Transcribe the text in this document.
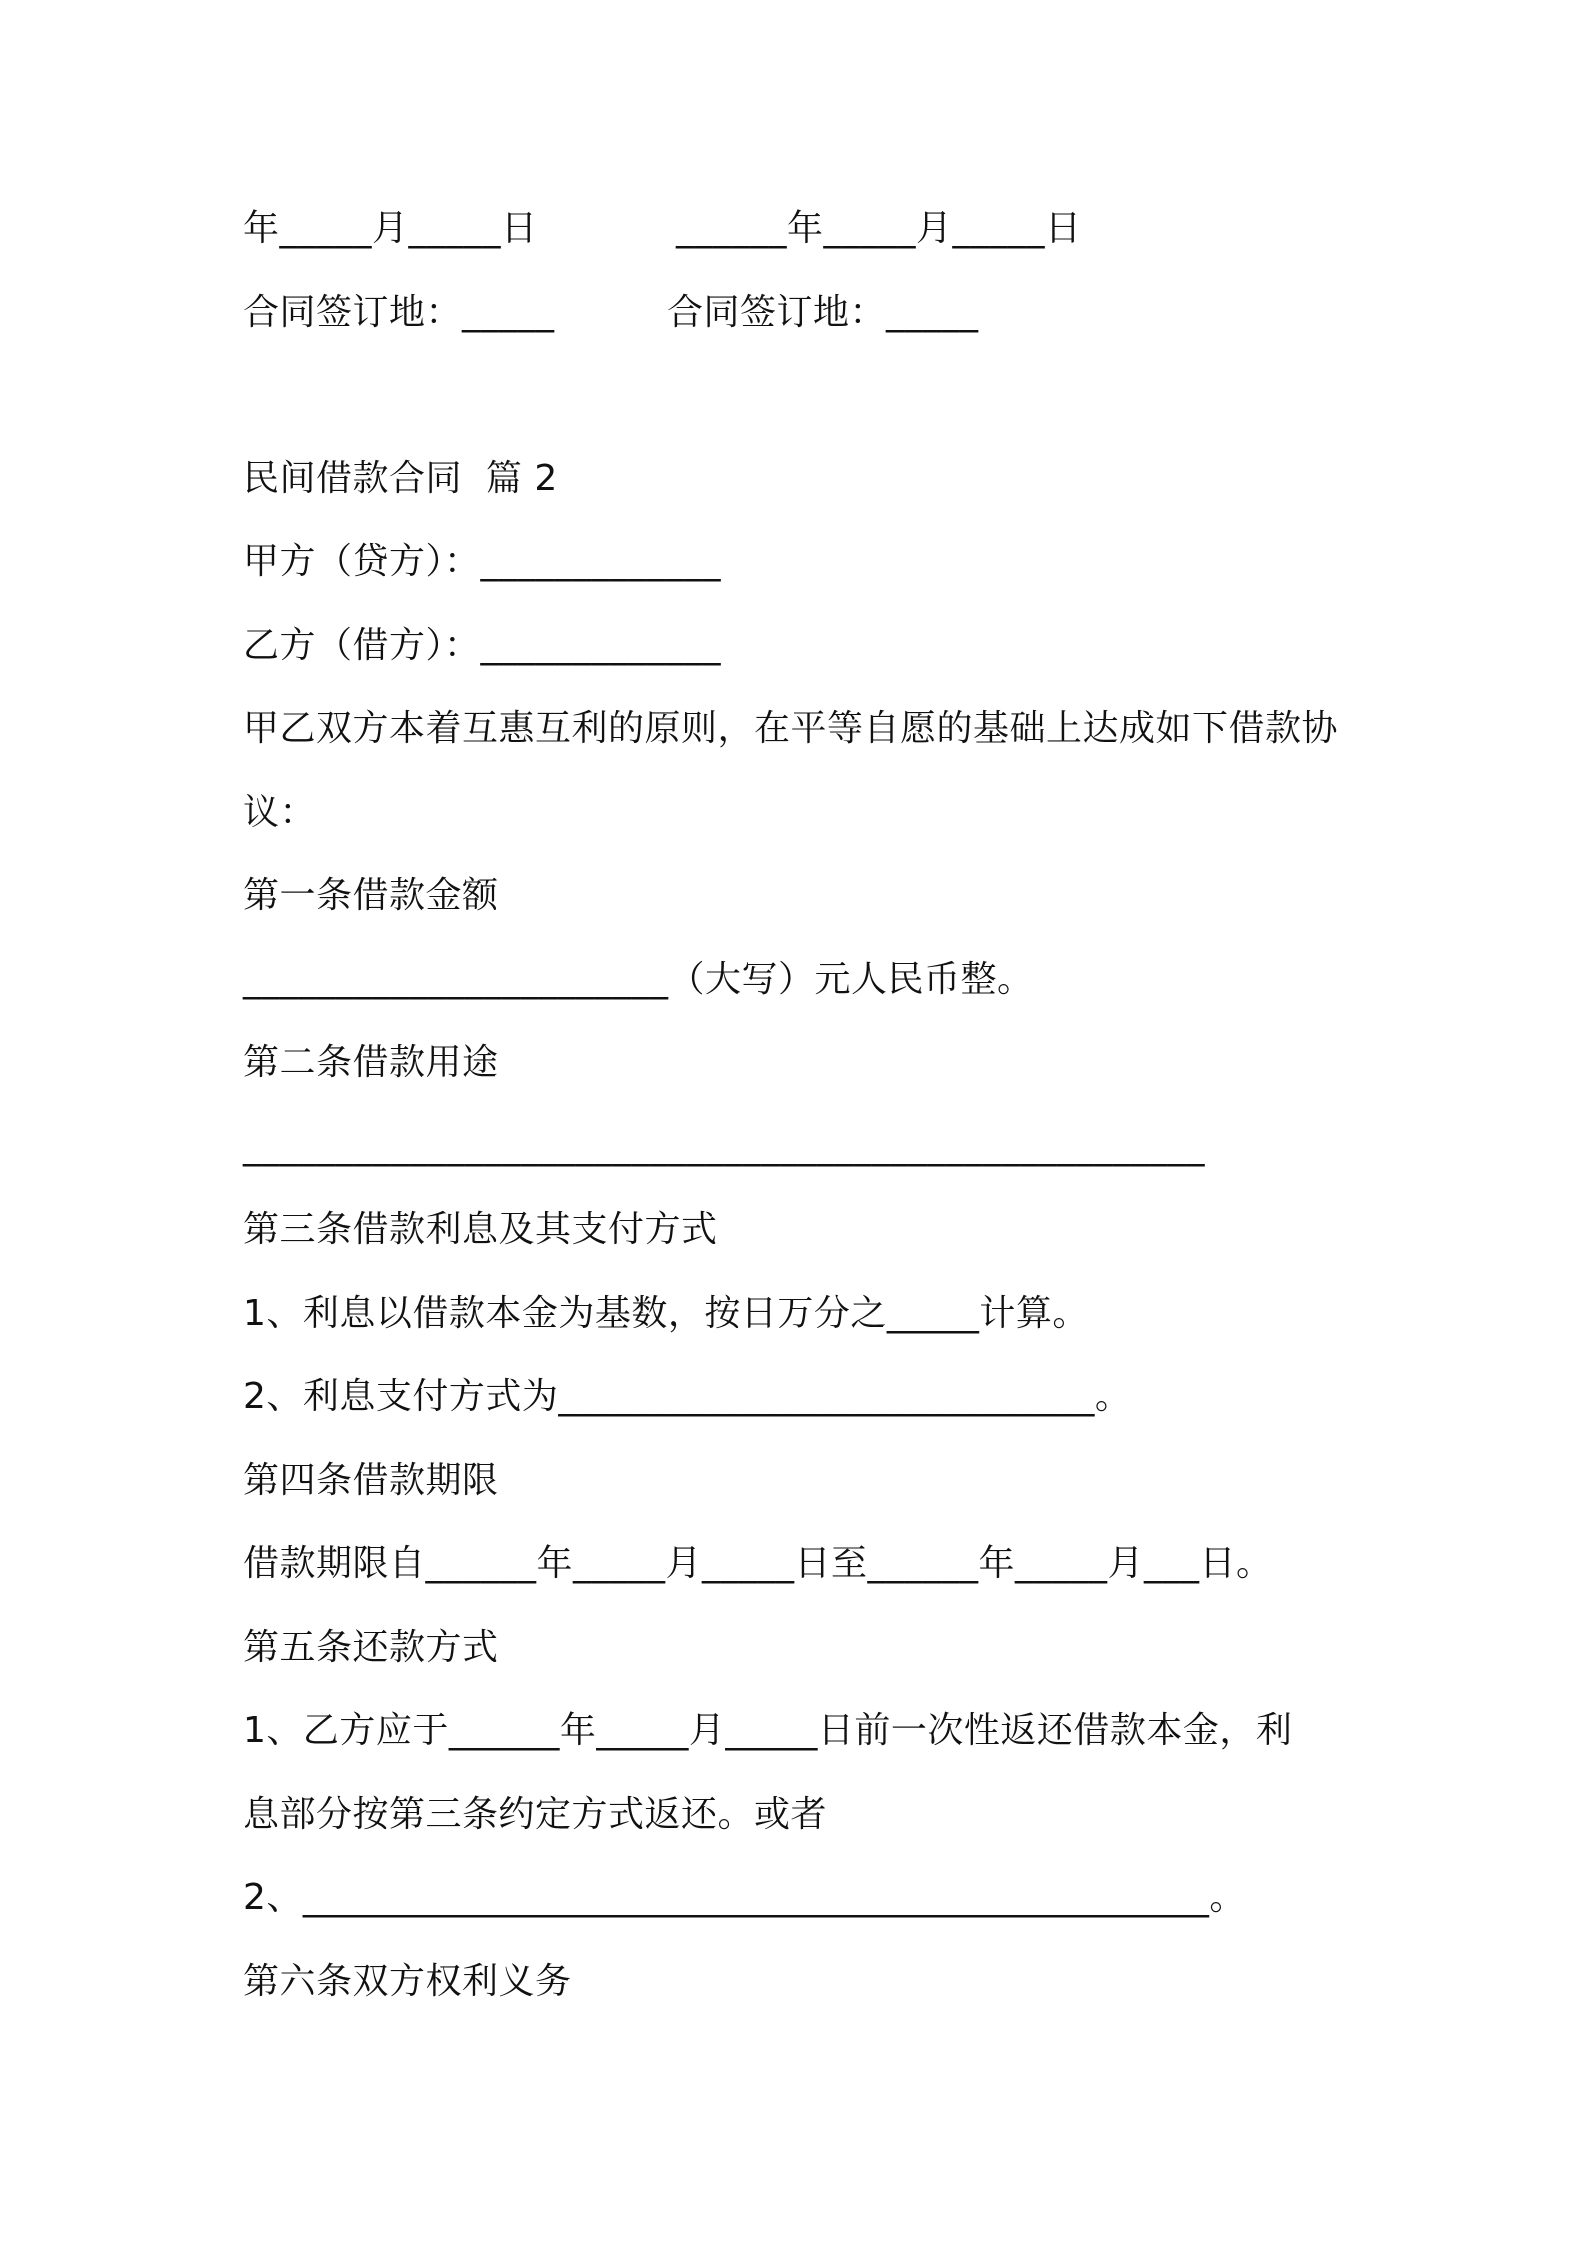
年_____月_____日

	______年_____月_____日

合同签订地：_____

	合同签订地：_____

民间借款合同  篇 2
甲方（贷方）：_____________
乙方（借方）：_____________
甲乙双方本着互惠互利的原则，在平等自愿的基础上达成如下借款协
议：
第一条借款金额
_______________________（大写）元人民币整。
第二条借款用途
____________________________________________________
第三条借款利息及其支付方式
1、利息以借款本金为基数，按日万分之_____计算。
2、利息支付方式为_____________________________。
第四条借款期限
借款期限自______年_____月_____日至______年_____月___日。
第五条还款方式
1、乙方应于______年_____月_____日前一次性返还借款本金，利
息部分按第三条约定方式返还。或者
2、_________________________________________________。
第六条双方权利义务
